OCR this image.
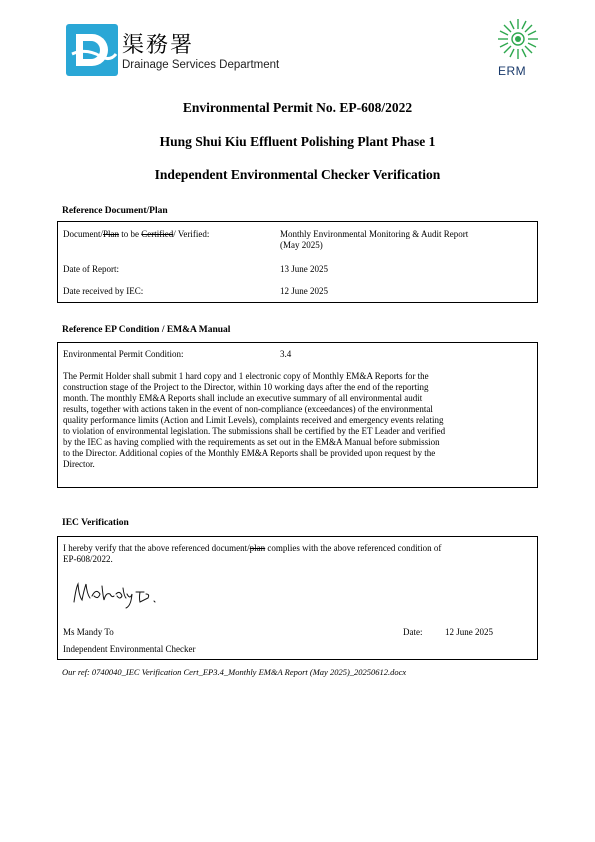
渠務署
Drainage Services Department	ERM
Environmental Permit No. EP-608/2022
Hung Shui Kiu Effluent Polishing Plant Phase 1
Independent Environmental Checker Verification
Reference Document/Plan
Document/Plan to be Certified/ Verified:	Monthly Environmental Monitoring & Audit Report
(May 2025)
Date of Report:	13 June 2025
Date received by IEC:	12 June 2025
Reference EP Condition / EM&A Manual
Environmental Permit Condition:	3.4
The Permit Holder shall submit 1 hard copy and 1 electronic copy of Monthly EM&A Reports for the
construction stage of the Project to the Director, within 10 working days after the end of the reporting
month. The monthly EM&A Reports shall include an executive summary of all environmental audit
results, together with actions taken in the event of non-compliance (exceedances) of the environmental
quality performance limits (Action and Limit Levels), complaints received and emergency events relating
to violation of environmental legislation. The submissions shall be certified by the ET Leader and verified
by the IEC as having complied with the requirements as set out in the EM&A Manual before submission
to the Director. Additional copies of the Monthly EM&A Reports shall be provided upon request by the
Director.
IEC Verification
I hereby verify that the above referenced document/plan complies with the above referenced condition of
EP-608/2022.
Ms Mandy To	Date:	12 June 2025
Independent Environmental Checker
Our ref: 0740040_IEC Verification Cert_EP3.4_Monthly EM&A Report (May 2025)_20250612.docx
